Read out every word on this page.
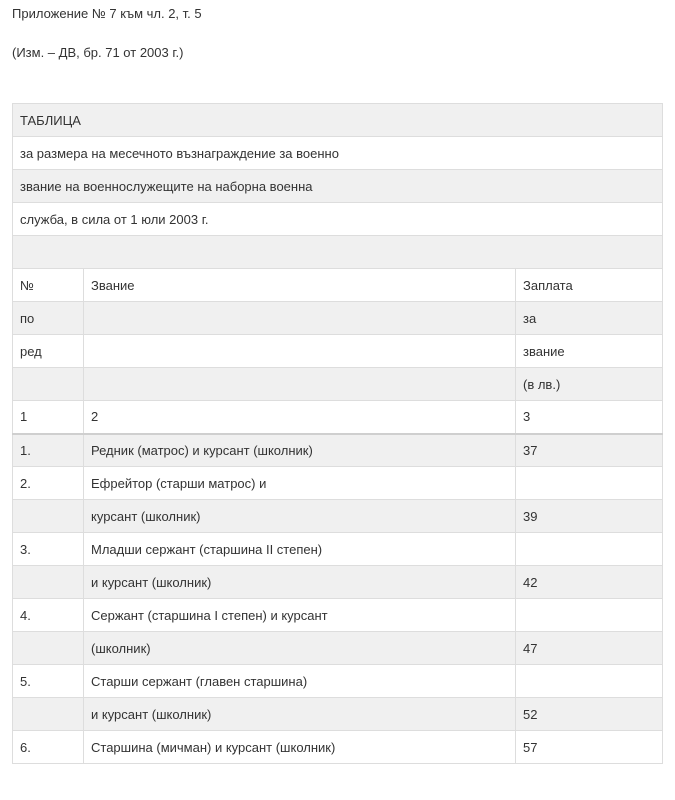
Приложение № 7 към чл. 2, т. 5
(Изм. – ДВ, бр. 71 от 2003 г.)
ТАБЛИЦА		
за размера на месечното възнаграждение за военно		
звание на военнослужещите на наборна военна		
служба, в сила от 1 юли 2003 г.		

№	Звание	Заплата
по		за
ред		звание
		(в лв.)
1	2	3
1.	Редник (матрос) и курсант (школник)	37
2.	Ефрейтор (старши матрос) и	
	курсант (школник)	39
3.	Младши сержант (старшина II степен)	
	и курсант (школник)	42
4.	Сержант (старшина I степен) и курсант	
	(школник)	47
5.	Старши сержант (главен старшина)	
	и курсант (школник)	52
6.	Старшина (мичман) и курсант (школник)	57
